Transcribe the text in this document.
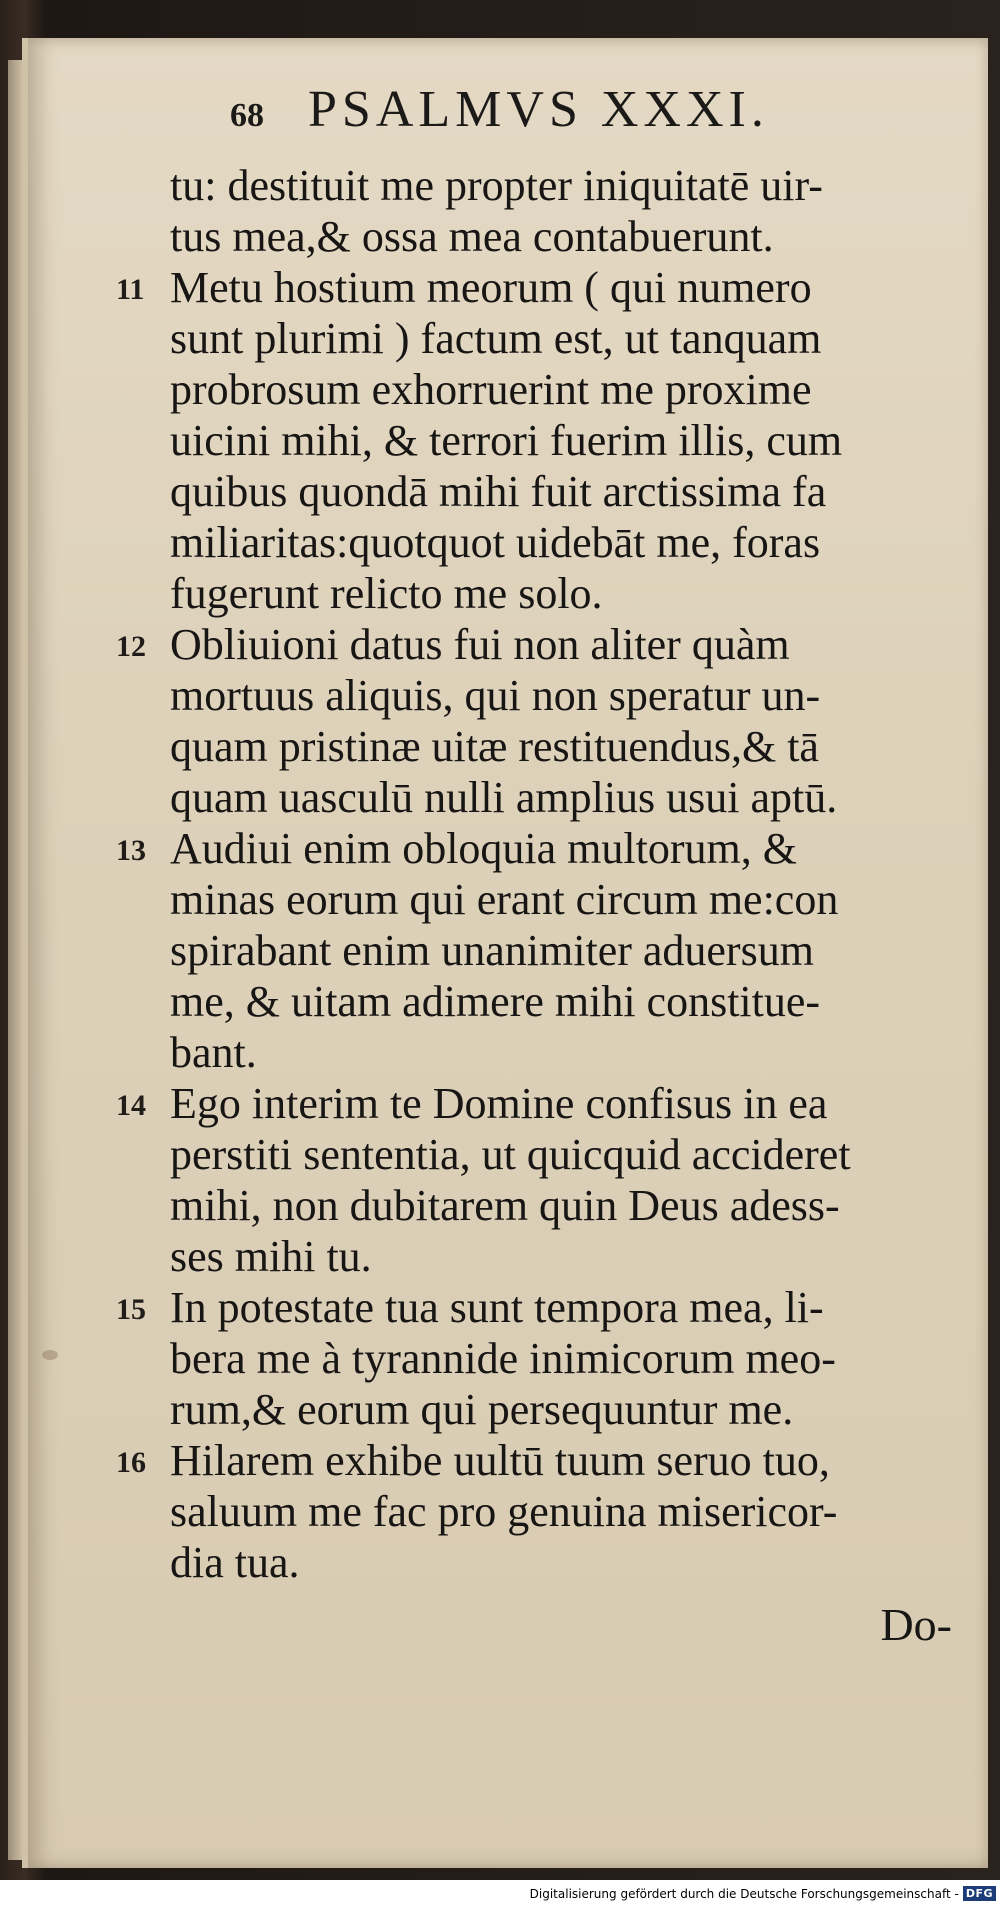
68 PSALMVS XXXI.
tu: destituit me propter iniquitatē uir-
tus mea,& ossa mea contabuerunt.
11 Metu hostium meorum ( qui numero
sunt plurimi ) factum est, ut tanquam
probrosum exhorruerint me proxime
uicini mihi, & terrori fuerim illis, cum
quibus quondā mihi fuit arctissima fa
miliaritas:quotquot uidebāt me, foras
fugerunt relicto me solo.
12 Obliuioni datus fui non aliter quàm
mortuus aliquis, qui non speratur un-
quam pristinæ uitæ restituendus,& tā
quam uasculū nulli amplius usui aptū.
13 Audiui enim obloquia multorum, &
minas eorum qui erant circum me:con
spirabant enim unanimiter aduersum
me, & uitam adimere mihi constitue-
bant.
14 Ego interim te Domine confisus in ea
perstiti sententia, ut quicquid accideret
mihi, non dubitarem quin Deus adess-
ses mihi tu.
15 In potestate tua sunt tempora mea, li-
bera me à tyrannide inimicorum meo-
rum,& eorum qui persequuntur me.
16 Hilarem exhibe uultū tuum seruo tuo,
saluum me fac pro genuina misericor-
dia tua.
Do-
Digitalisierung gefördert durch die Deutsche Forschungsgemeinschaft - DFG
